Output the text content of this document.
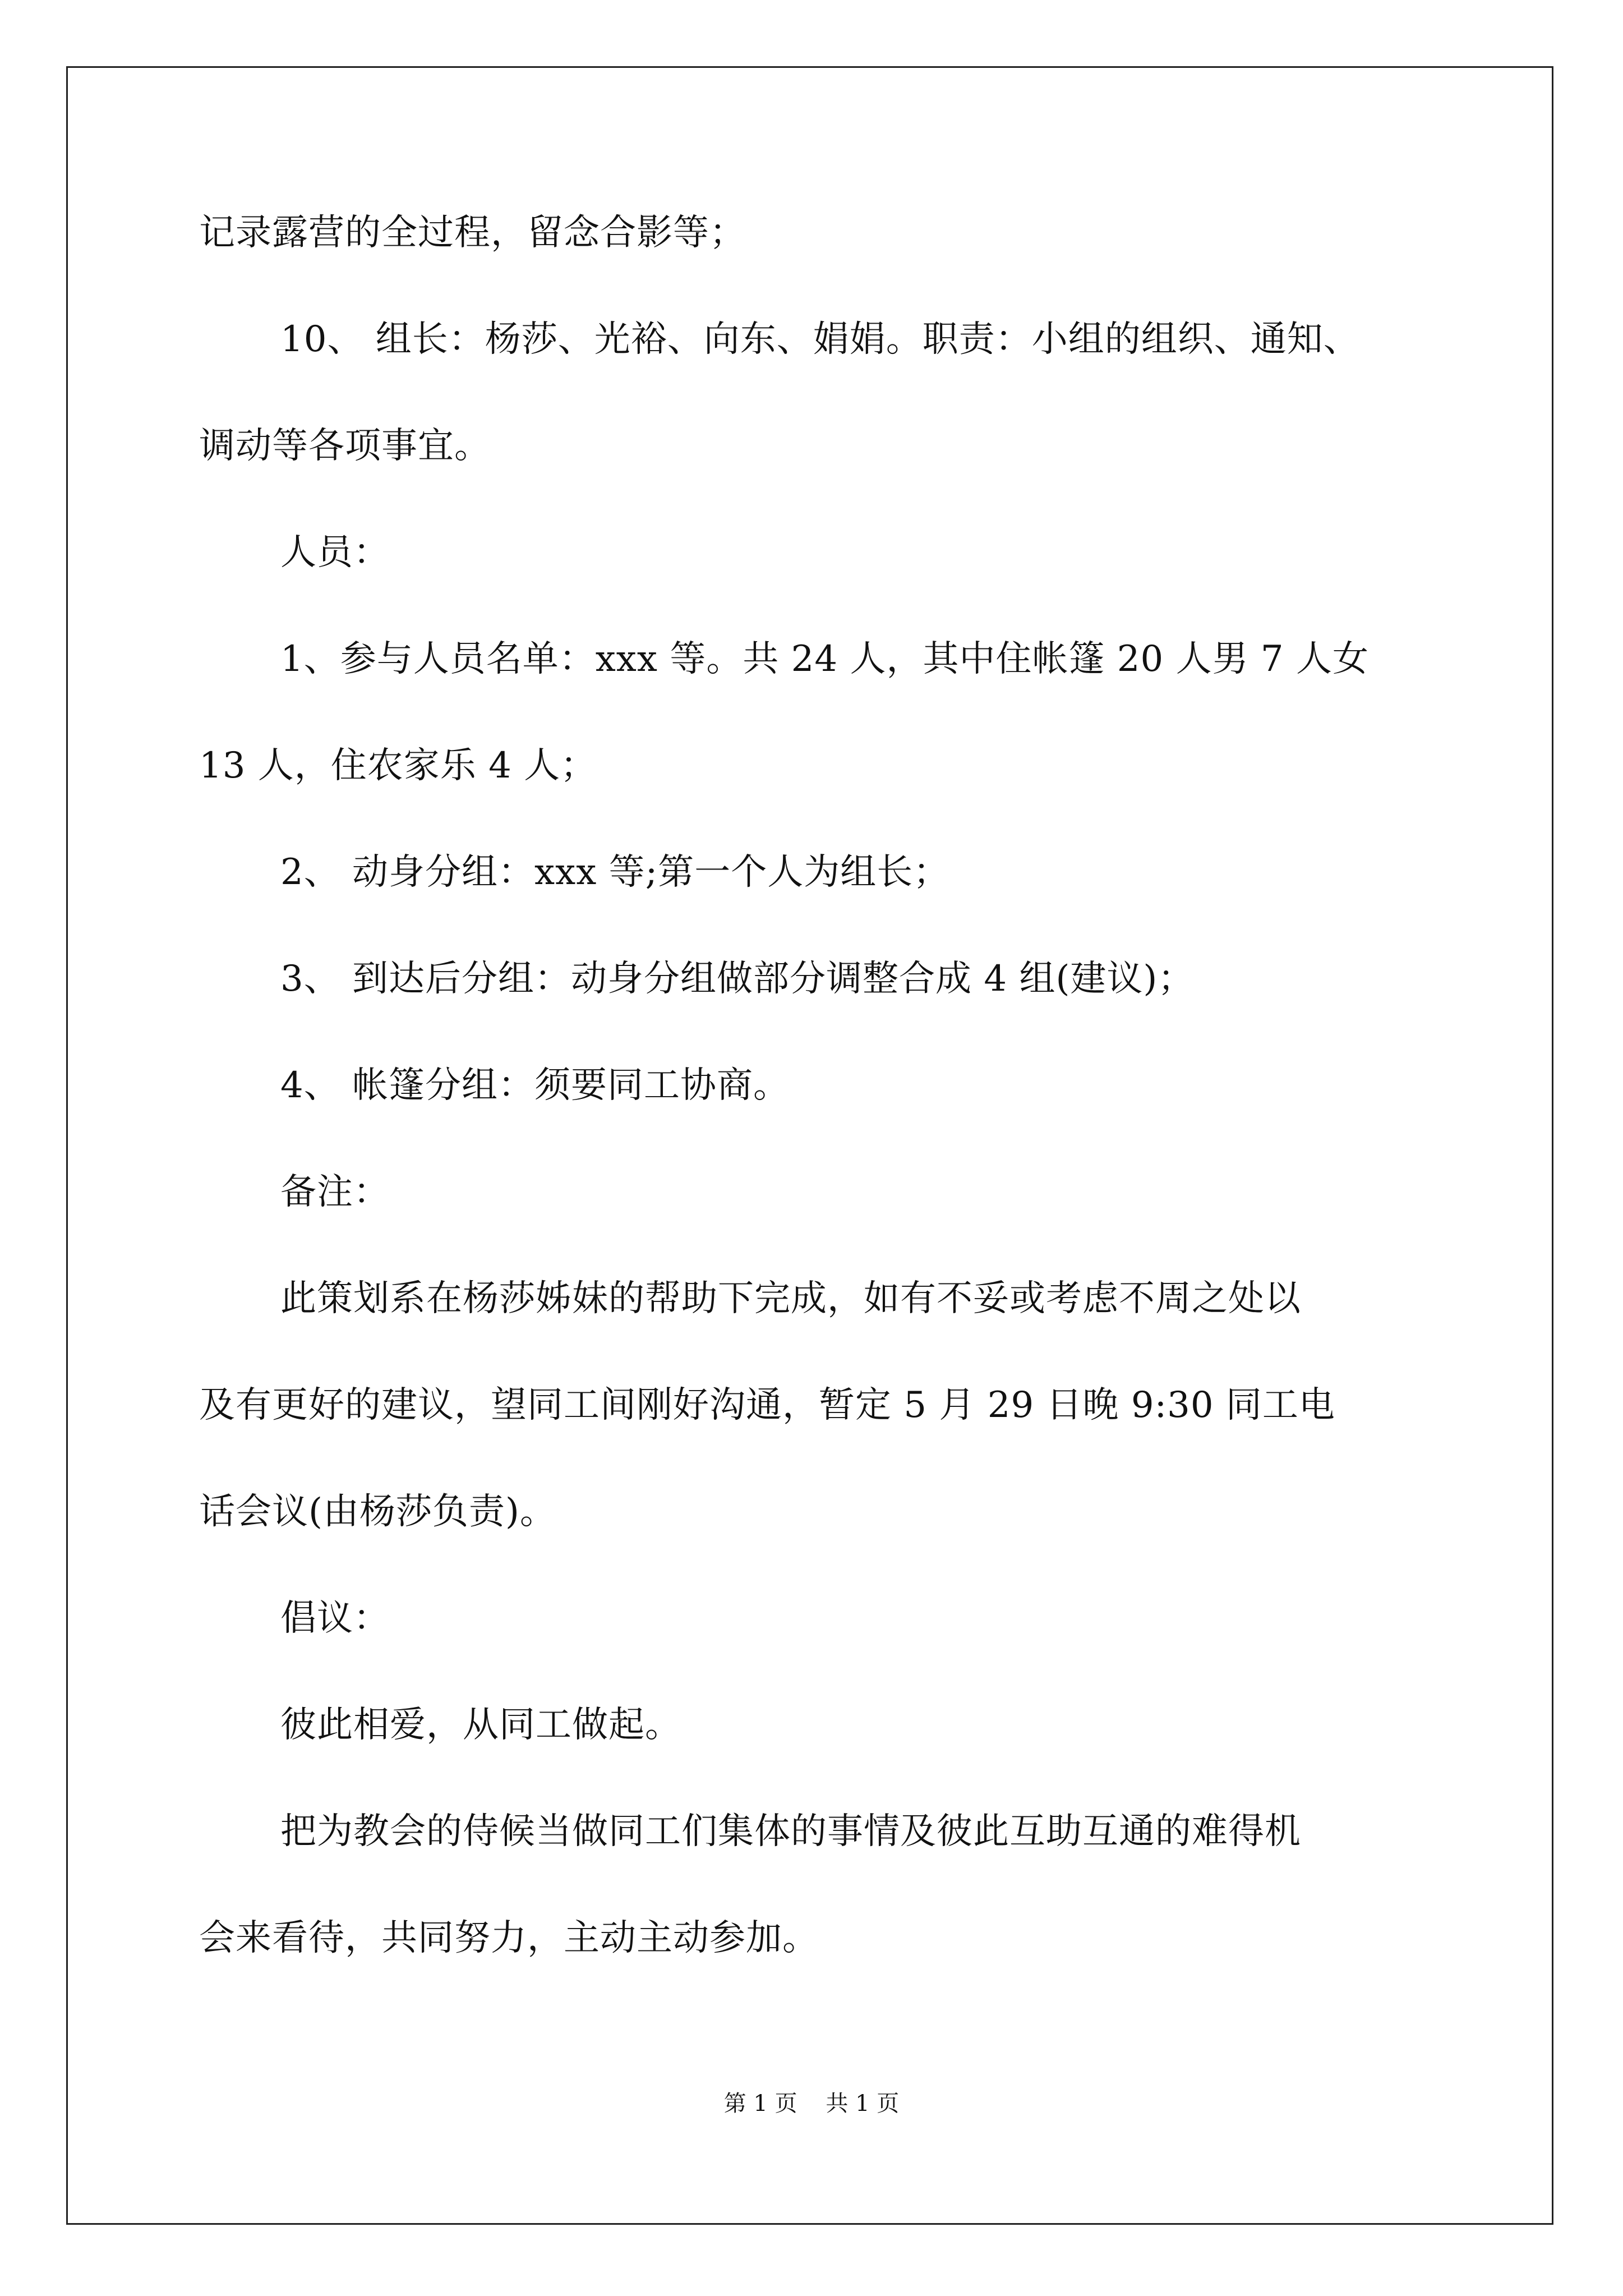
记录露营的全过程，留念合影等；
10、 组长：杨莎、光裕、向东、娟娟。职责：小组的组织、通知、
调动等各项事宜。
人员：
1、参与人员名单：xxx 等。共 24 人，其中住帐篷 20 人男 7 人女
13 人，住农家乐 4 人；
2、 动身分组：xxx 等;第一个人为组长；
3、 到达后分组：动身分组做部分调整合成 4 组(建议)；
4、 帐篷分组：须要同工协商。
备注：
此策划系在杨莎姊妹的帮助下完成，如有不妥或考虑不周之处以
及有更好的建议，望同工间刚好沟通，暂定 5 月 29 日晚 9:30 同工电
话会议(由杨莎负责)。
倡议：
彼此相爱，从同工做起。
把为教会的侍候当做同工们集体的事情及彼此互助互通的难得机
会来看待，共同努力，主动主动参加。
第 1 页    共 1 页
